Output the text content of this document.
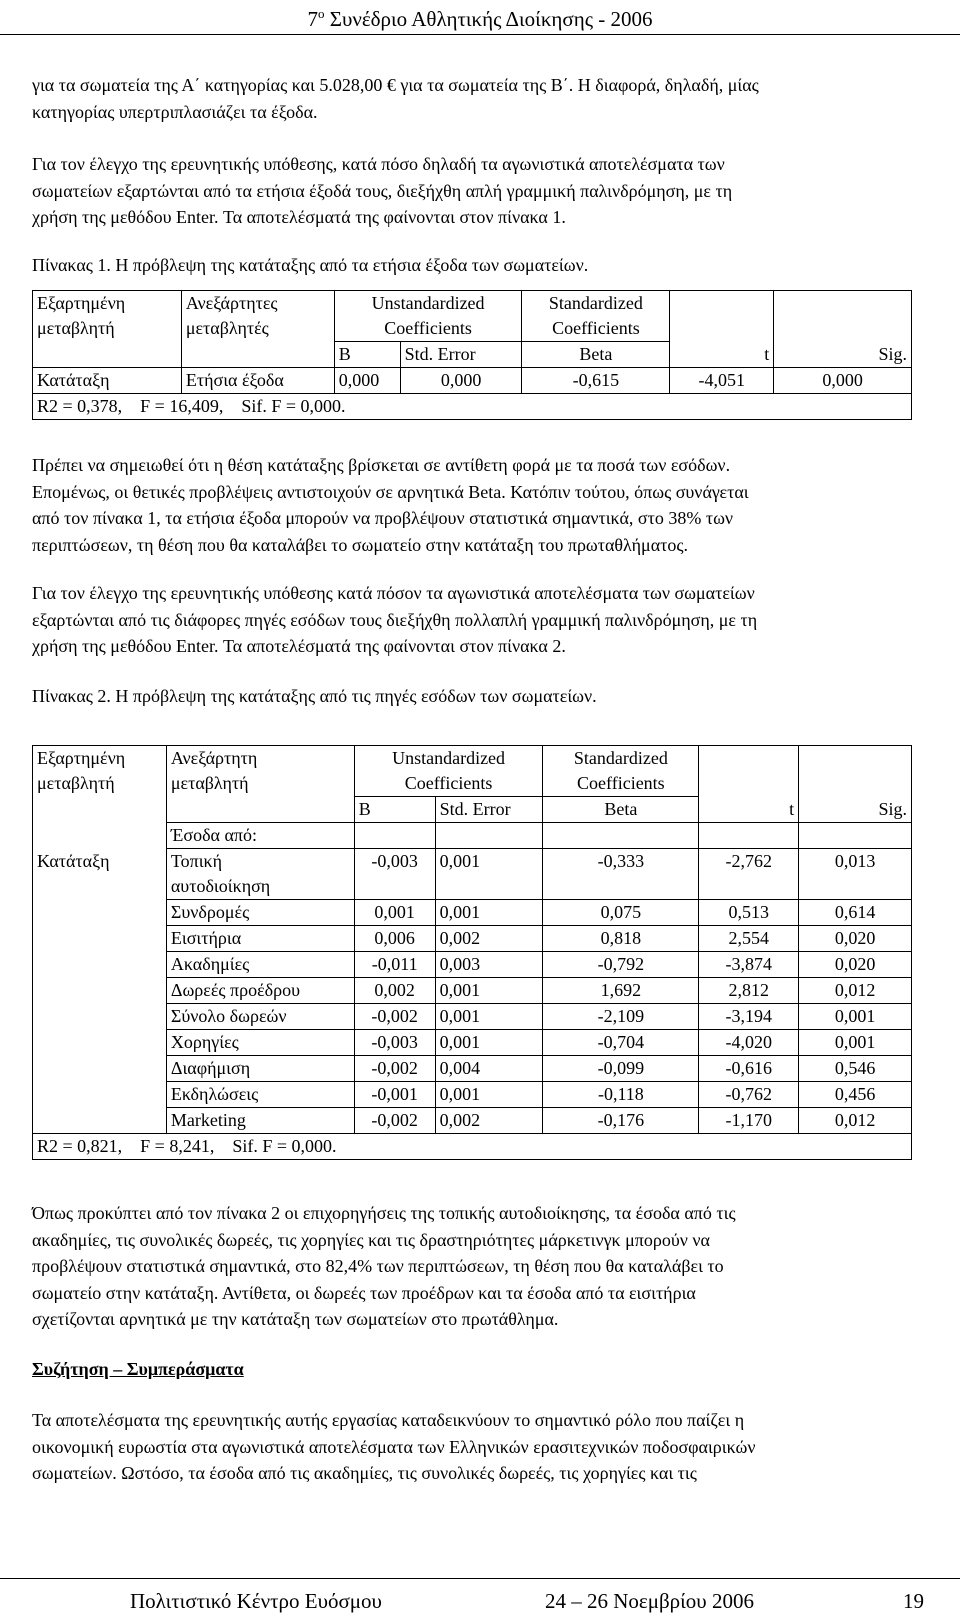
$7^o$ Συνέδριο Αθλητικής Διοίκησης - 2006

για τα σωματεία της Α΄ κατηγορίας και 5.028,00 € για τα σωματεία της Β΄. Η διαφορά, δηλαδή, μίας
κατηγορίας υπερτριπλασιάζει τα έξοδα.

Για τον έλεγχο της ερευνητικής υπόθεσης, κατά πόσο δηλαδή τα αγωνιστικά αποτελέσματα των
σωματείων εξαρτώνται από τα ετήσια έξοδά τους, διεξήχθη απλή γραμμική παλινδρόμηση, με τη
χρήση της μεθόδου Enter. Τα αποτελέσματά της φαίνονται στον πίνακα 1.

Πίνακας 1. Η πρόβλεψη της κατάταξης από τα ετήσια έξοδα των σωματείων.

Εξαρτημένη
μεταβλητή	Ανεξάρτητες
μεταβλητές	Unstandardized
Coefficients		Standardized
Coefficients		

		B	Std. Error	Beta	t	Sig.
Κατάταξη	Ετήσια έξοδα	0,000	0,000	-0,615	-4,051	0,000
R2 = 0,378,    F = 16,409,    Sif. F = 0,000.						

Πρέπει να σημειωθεί ότι η θέση κατάταξης βρίσκεται σε αντίθετη φορά με τα ποσά των εσόδων.
Επομένως, οι θετικές προβλέψεις αντιστοιχούν σε αρνητικά Beta. Κατόπιν τούτου, όπως συνάγεται
από τον πίνακα 1, τα ετήσια έξοδα μπορούν να προβλέψουν στατιστικά σημαντικά, στο 38% των
περιπτώσεων, τη θέση που θα καταλάβει το σωματείο στην κατάταξη του πρωταθλήματος.

Για τον έλεγχο της ερευνητικής υπόθεσης κατά πόσον τα αγωνιστικά αποτελέσματα των σωματείων
εξαρτώνται από τις διάφορες πηγές εσόδων τους διεξήχθη πολλαπλή γραμμική παλινδρόμηση, με τη
χρήση της μεθόδου Enter. Τα αποτελέσματά της φαίνονται στον πίνακα 2.

Πίνακας 2. Η πρόβλεψη της κατάταξης από τις πηγές εσόδων των σωματείων.

Εξαρτημένη
μεταβλητή	Ανεξάρτητη
μεταβλητή	Unstandardized
Coefficients		Standardized
Coefficients		

		B	Std. Error	Beta	t	Sig.
	Έσοδα από:					
Κατάταξη	Τοπική
αυτοδιοίκηση	-0,003	0,001	-0,333	-2,762	0,013

	Συνδρομές	0,001	0,001	0,075	0,513	0,614

	Εισιτήρια	0,006	0,002	0,818	2,554	0,020

	Ακαδημίες	-0,011	0,003	-0,792	-3,874	0,020

	Δωρεές προέδρου	0,002	0,001	1,692	2,812	0,012

	Σύνολο δωρεών	-0,002	0,001	-2,109	-3,194	0,001

	Χορηγίες	-0,003	0,001	-0,704	-4,020	0,001

	Διαφήμιση	-0,002	0,004	-0,099	-0,616	0,546

	Εκδηλώσεις	-0,001	0,001	-0,118	-0,762	0,456

	Marketing	-0,002	0,002	-0,176	-1,170	0,012
R2 = 0,821,    F = 8,241,    Sif. F = 0,000.						

Όπως προκύπτει από τον πίνακα 2 οι επιχορηγήσεις της τοπικής αυτοδιοίκησης, τα έσοδα από τις
ακαδημίες, τις συνολικές δωρεές, τις χορηγίες και τις δραστηριότητες μάρκετινγκ μπορούν να
προβλέψουν στατιστικά σημαντικά, στο 82,4% των περιπτώσεων, τη θέση που θα καταλάβει το
σωματείο στην κατάταξη. Αντίθετα, οι δωρεές των προέδρων και τα έσοδα από τα εισιτήρια
σχετίζονται αρνητικά με την κατάταξη των σωματείων στο πρωτάθλημα.

Συζήτηση – Συμπεράσματα

Τα αποτελέσματα της ερευνητικής αυτής εργασίας καταδεικνύουν το σημαντικό ρόλο που παίζει η
οικονομική ευρωστία στα αγωνιστικά αποτελέσματα των Ελληνικών ερασιτεχνικών ποδοσφαιρικών
σωματείων. Ωστόσο, τα έσοδα από τις ακαδημίες, τις συνολικές δωρεές, τις χορηγίες και τις

Πολιτιστικό Κέντρο Ευόσμου	24 – 26 Νοεμβρίου 2006	19
